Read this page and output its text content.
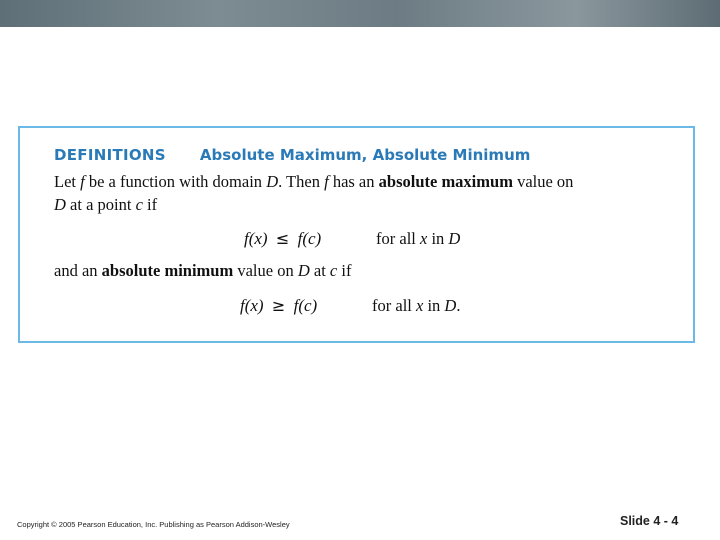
DEFINITIONS Absolute Maximum, Absolute Minimum
Let f be a function with domain D. Then f has an absolute maximum value on
D at a point c if
f(x) ≤ f(c)	for all x in D
and an absolute minimum value on D at c if
f(x) ≥ f(c)	for all x in D.
Copyright © 2005 Pearson Education, Inc. Publishing as Pearson Addison-Wesley	Slide 4 - 4
